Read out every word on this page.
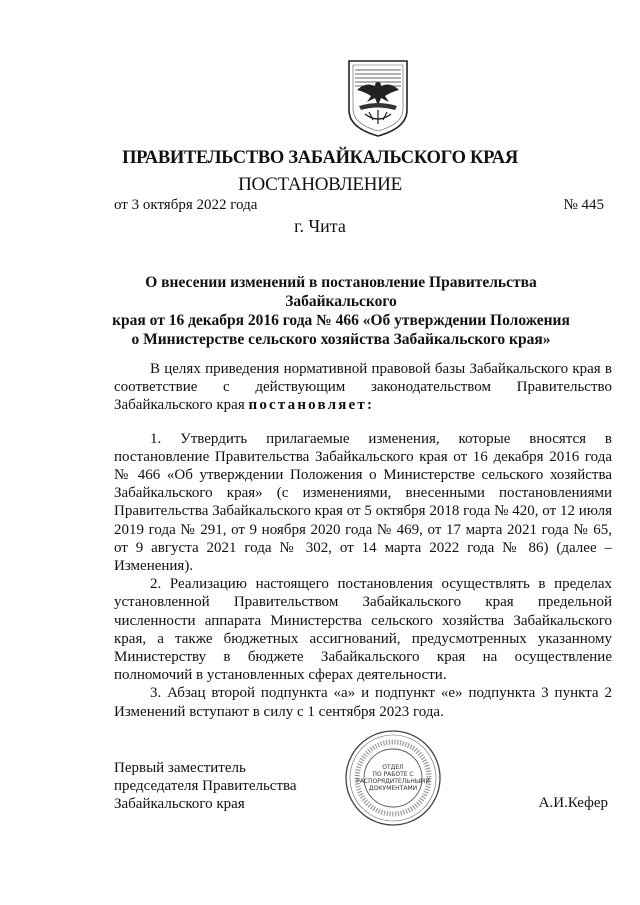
ПРАВИТЕЛЬСТВО ЗАБАЙКАЛЬСКОГО КРАЯ
ПОСТАНОВЛЕНИЕ
от 3 октября 2022 года	№ 445
г. Чита
О внесении изменений в постановление Правительства Забайкальского
края от 16 декабря 2016 года № 466 «Об утверждении Положения
о Министерстве сельского хозяйства Забайкальского края»

В целях приведения нормативной правовой базы Забайкальского края в соответствие с действующим законодательством Правительство Забайкальского края постановляет:

1. Утвердить прилагаемые изменения, которые вносятся в постановление Правительства Забайкальского края от 16 декабря 2016 года № 466 «Об утверждении Положения о Министерстве сельского хозяйства Забайкальского края» (с изменениями, внесенными постановлениями Правительства Забайкальского края от 5 октября 2018 года № 420, от 12 июля 2019 года № 291, от 9 ноября 2020 года № 469, от 17 марта 2021 года № 65, от 9 августа 2021 года № 302, от 14 марта 2022 года № 86) (далее – Изменения).

2. Реализацию настоящего постановления осуществлять в пределах установленной Правительством Забайкальского края предельной численности аппарата Министерства сельского хозяйства Забайкальского края, а также бюджетных ассигнований, предусмотренных указанному Министерству в бюджете Забайкальского края на осуществление полномочий в установленных сферах деятельности.

3. Абзац второй подпункта «а» и подпункт «е» подпункта 3 пункта 2 Изменений вступают в силу с 1 сентября 2023 года.

Первый заместитель
председателя Правительства
Забайкальского края
ОТДЕЛ
ПО РАБОТЕ С
РАСПОРЯДИТЕЛЬНЫМИ
ДОКУМЕНТАМИ
А.И.Кефер
